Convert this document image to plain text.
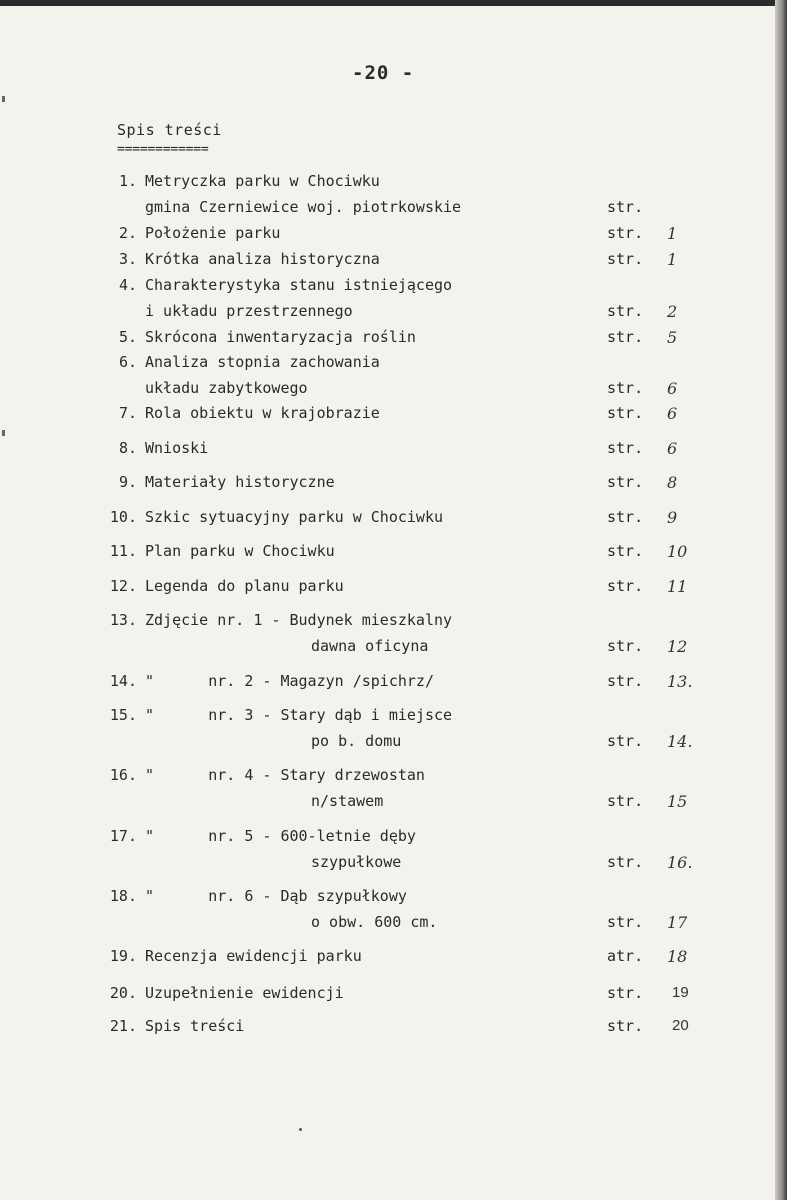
-20 -
Spis treści
============
1. Metryczka parku w Chociwku
gmina Czerniewice woj. piotrkowskie	str.
2. Położenie parku	str. 1
3. Krótka analiza historyczna	str. 1
4. Charakterystyka stanu istniejącego
i układu przestrzennego	str. 2
5. Skrócona inwentaryzacja roślin	str. 5
6. Analiza stopnia zachowania
układu zabytkowego	str. 6
7. Rola obiektu w krajobrazie	str. 6
8. Wnioski	str. 6
9. Materiały historyczne	str. 8
10. Szkic sytuacyjny parku w Chociwku	str. 9
11. Plan parku w Chociwku	str. 10
12. Legenda do planu parku	str. 11
13. Zdjęcie nr. 1 - Budynek mieszkalny
dawna oficyna	str. 12
14. "      nr. 2 - Magazyn /spichrz/	str. 13.
15. "      nr. 3 - Stary dąb i miejsce
po b. domu	str. 14.
16. "      nr. 4 - Stary drzewostan
n/stawem	str. 15
17. "      nr. 5 - 600-letnie dęby
szypułkowe	str. 16.
18. "      nr. 6 - Dąb szypułkowy
o obw. 600 cm.	str. 17
19. Recenzja ewidencji parku	atr. 18
20. Uzupełnienie ewidencji	str. 19
21. Spis treści	str. 20
